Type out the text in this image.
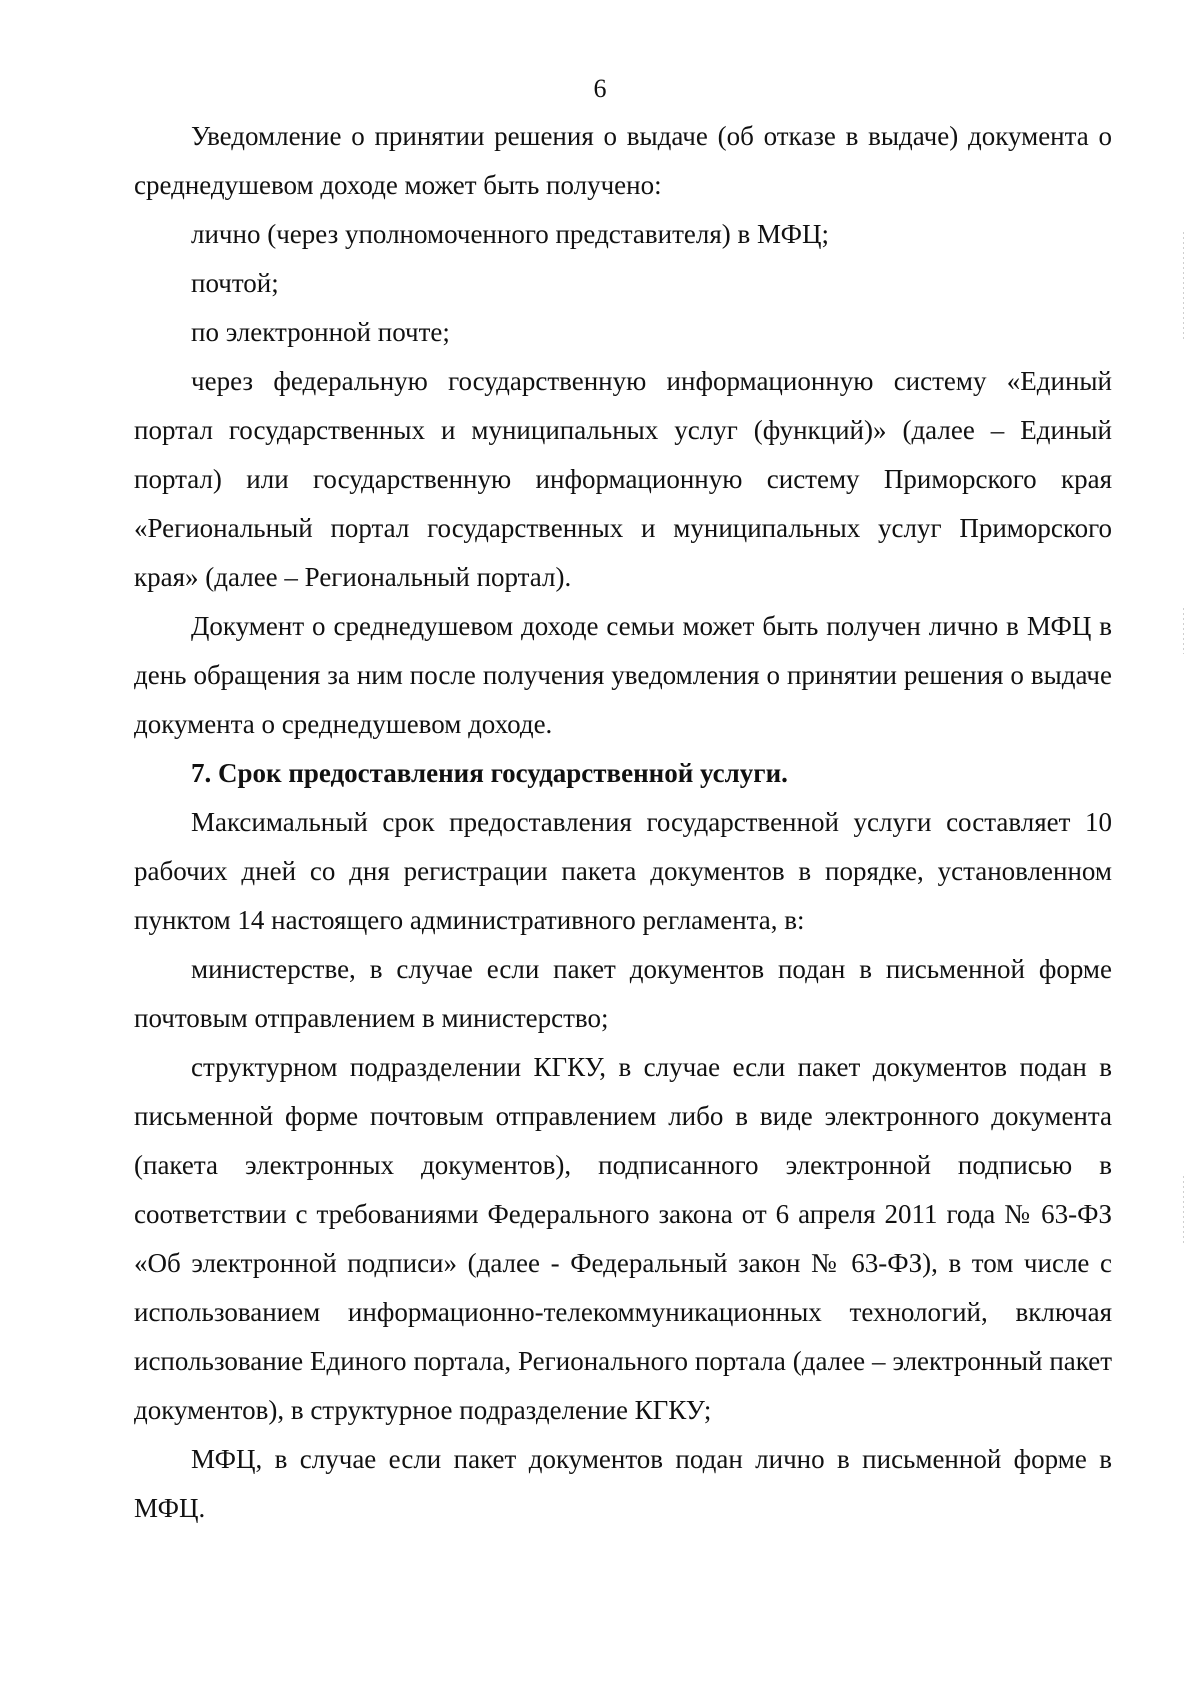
6

Уведомление о принятии решения о выдаче (об отказе в выдаче) документа о среднедушевом доходе может быть получено:

лично (через уполномоченного представителя) в МФЦ;

почтой;

по электронной почте;

через федеральную государственную информационную систему «Единый портал государственных и муниципальных услуг (функций)» (далее – Единый портал) или государственную информационную систему Приморского края «Региональный портал государственных и муниципальных услуг Приморского края» (далее – Региональный портал).

Документ о среднедушевом доходе семьи может быть получен лично в МФЦ в день обращения за ним после получения уведомления о принятии решения о выдаче документа о среднедушевом доходе.

7. Срок предоставления государственной услуги.

Максимальный срок предоставления государственной услуги составляет 10 рабочих дней со дня регистрации пакета документов в порядке, установленном пунктом 14 настоящего административного регламента, в:

министерстве, в случае если пакет документов подан в письменной форме почтовым отправлением в министерство;

структурном подразделении КГКУ, в случае если пакет документов подан в письменной форме почтовым отправлением либо в виде электронного документа (пакета электронных документов), подписанного электронной подписью в соответствии с требованиями Федерального закона от 6 апреля 2011 года № 63-ФЗ «Об электронной подписи» (далее - Федеральный закон № 63-ФЗ), в том числе с использованием информационно-телекоммуникационных технологий, включая использование Единого портала, Регионального портала (далее – электронный пакет документов), в структурное подразделение КГКУ;

МФЦ, в случае если пакет документов подан лично в письменной форме в МФЦ.
